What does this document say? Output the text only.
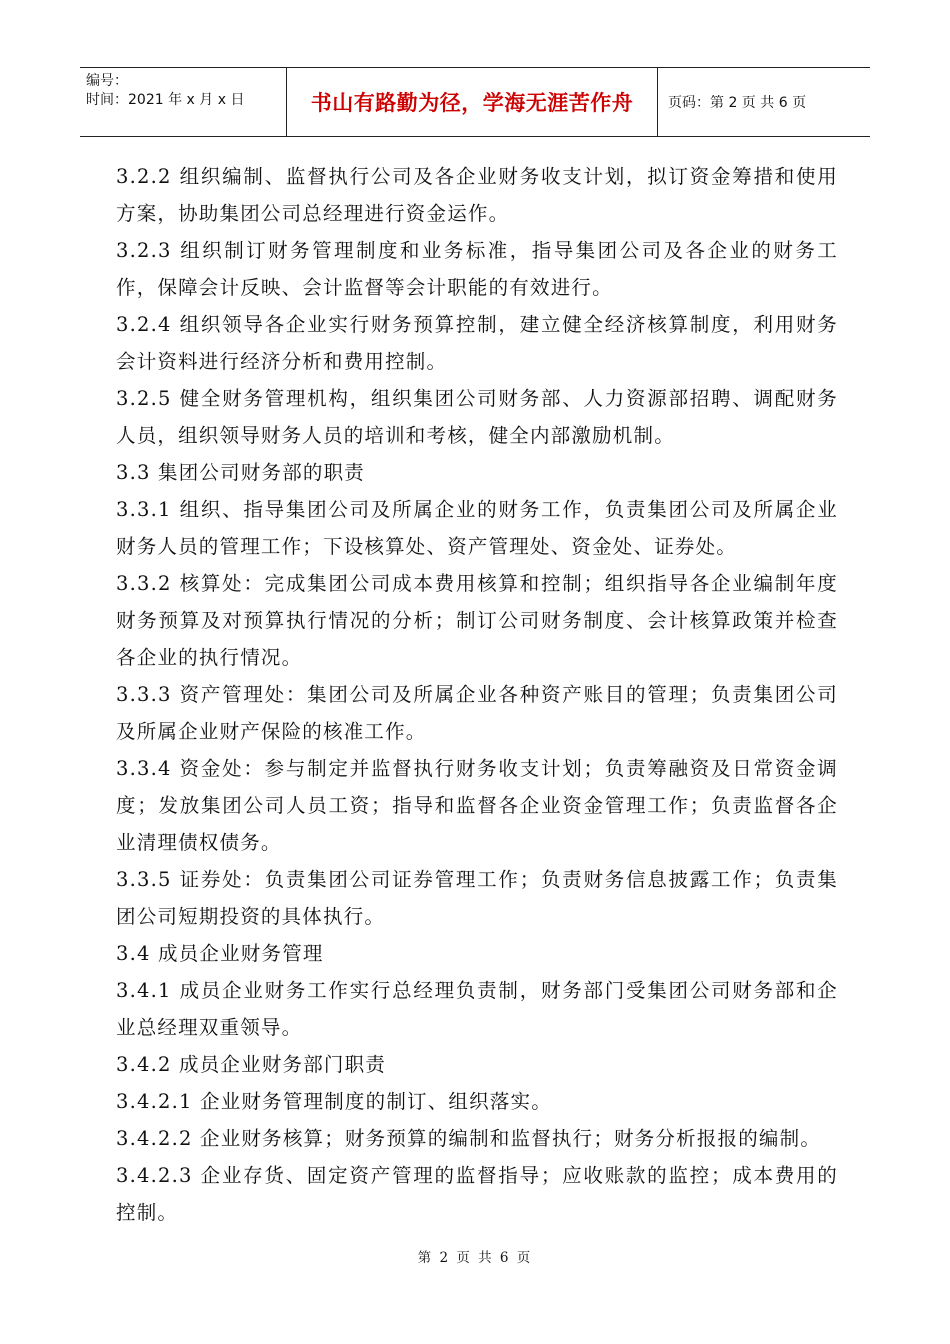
编号：
时间：2021 年 x 月 x 日	书山有路勤为径，学海无涯苦作舟	页码：第 2 页 共 6 页

3.2.2 组织编制、监督执行公司及各企业财务收支计划，拟订资金筹措和使用方案，协助集团公司总经理进行资金运作。

3.2.3 组织制订财务管理制度和业务标准，指导集团公司及各企业的财务工作，保障会计反映、会计监督等会计职能的有效进行。

3.2.4 组织领导各企业实行财务预算控制，建立健全经济核算制度，利用财务会计资料进行经济分析和费用控制。

3.2.5 健全财务管理机构，组织集团公司财务部、人力资源部招聘、调配财务人员，组织领导财务人员的培训和考核，健全内部激励机制。

3.3 集团公司财务部的职责

3.3.1 组织、指导集团公司及所属企业的财务工作，负责集团公司及所属企业财务人员的管理工作；下设核算处、资产管理处、资金处、证券处。

3.3.2 核算处：完成集团公司成本费用核算和控制；组织指导各企业编制年度财务预算及对预算执行情况的分析；制订公司财务制度、会计核算政策并检查各企业的执行情况。

3.3.3 资产管理处：集团公司及所属企业各种资产账目的管理；负责集团公司及所属企业财产保险的核准工作。

3.3.4 资金处：参与制定并监督执行财务收支计划；负责筹融资及日常资金调度；发放集团公司人员工资；指导和监督各企业资金管理工作；负责监督各企业清理债权债务。

3.3.5 证券处：负责集团公司证券管理工作；负责财务信息披露工作；负责集团公司短期投资的具体执行。

3.4 成员企业财务管理

3.4.1 成员企业财务工作实行总经理负责制，财务部门受集团公司财务部和企业总经理双重领导。

3.4.2 成员企业财务部门职责

3.4.2.1 企业财务管理制度的制订、组织落实。

3.4.2.2 企业财务核算；财务预算的编制和监督执行；财务分析报报的编制。

3.4.2.3 企业存货、固定资产管理的监督指导；应收账款的监控；成本费用的控制。

第 2 页 共 6 页
